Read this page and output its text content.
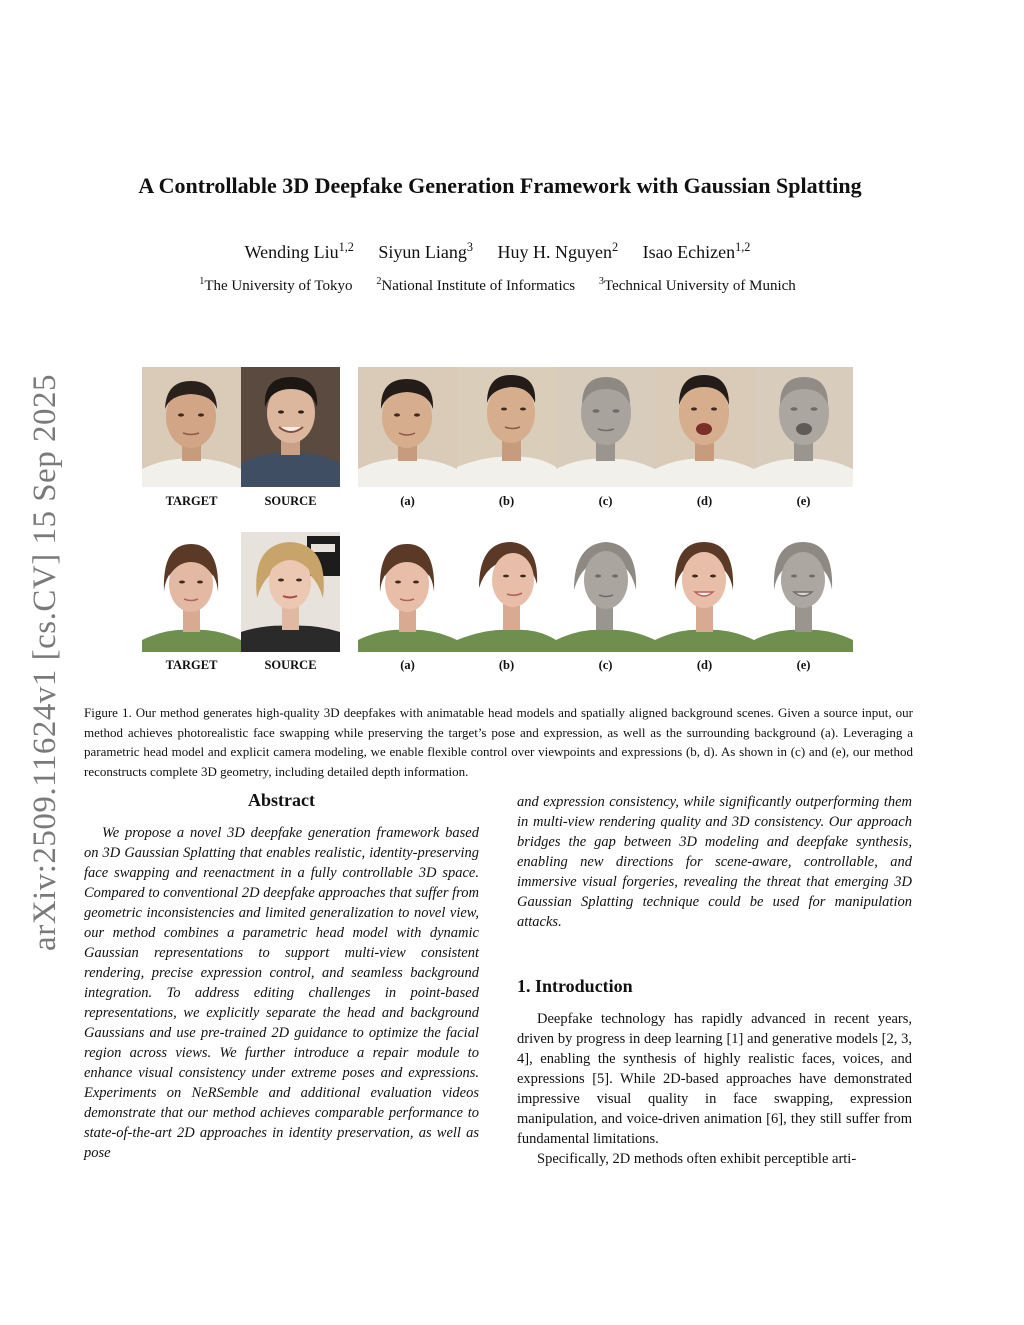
arXiv:2509.11624v1 [cs.CV] 15 Sep 2025
A Controllable 3D Deepfake Generation Framework with Gaussian Splatting
Wending Liu$^{1,2}$ Siyun Liang$^3$ Huy H. Nguyen$^2$ Isao Echizen$^{1,2}$
$^1$The University of Tokyo $^2$National Institute of Informatics $^3$Technical University of Munich
TARGET	SOURCE	(a)	(b)	(c)	(d)	(e)
TARGET	SOURCE	(a)	(b)	(c)	(d)	(e)

Figure 1. Our method generates high-quality 3D deepfakes with animatable head models and spatially aligned background scenes. Given a source input, our method achieves photorealistic face swapping while preserving the target’s pose and expression, as well as the surrounding background (a). Leveraging a parametric head model and explicit camera modeling, we enable flexible control over viewpoints and expressions (b, d). As shown in (c) and (e), our method reconstructs complete 3D geometry, including detailed depth information.

Abstract

We propose a novel 3D deepfake generation framework based on 3D Gaussian Splatting that enables realistic, identity-preserving face swapping and reenactment in a fully controllable 3D space. Compared to conventional 2D deepfake approaches that suffer from geometric inconsistencies and limited generalization to novel view, our method combines a parametric head model with dynamic Gaussian representations to support multi-view consistent rendering, precise expression control, and seamless background integration. To address editing challenges in point-based representations, we explicitly separate the head and background Gaussians and use pre-trained 2D guidance to optimize the facial region across views. We further introduce a repair module to enhance visual consistency under extreme poses and expressions. Experiments on NeRSemble and additional evaluation videos demonstrate that our method achieves comparable performance to state-of-the-art 2D approaches in identity preservation, as well as pose

and expression consistency, while significantly outperforming them in multi-view rendering quality and 3D consistency. Our approach bridges the gap between 3D modeling and deepfake synthesis, enabling new directions for scene-aware, controllable, and immersive visual forgeries, revealing the threat that emerging 3D Gaussian Splatting technique could be used for manipulation attacks.

1. Introduction

Deepfake technology has rapidly advanced in recent years, driven by progress in deep learning [1] and generative models [2, 3, 4], enabling the synthesis of highly realistic faces, voices, and expressions [5]. While 2D-based approaches have demonstrated impressive visual quality in face swapping, expression manipulation, and voice-driven animation [6], they still suffer from fundamental limitations.

Specifically, 2D methods often exhibit perceptible arti-
